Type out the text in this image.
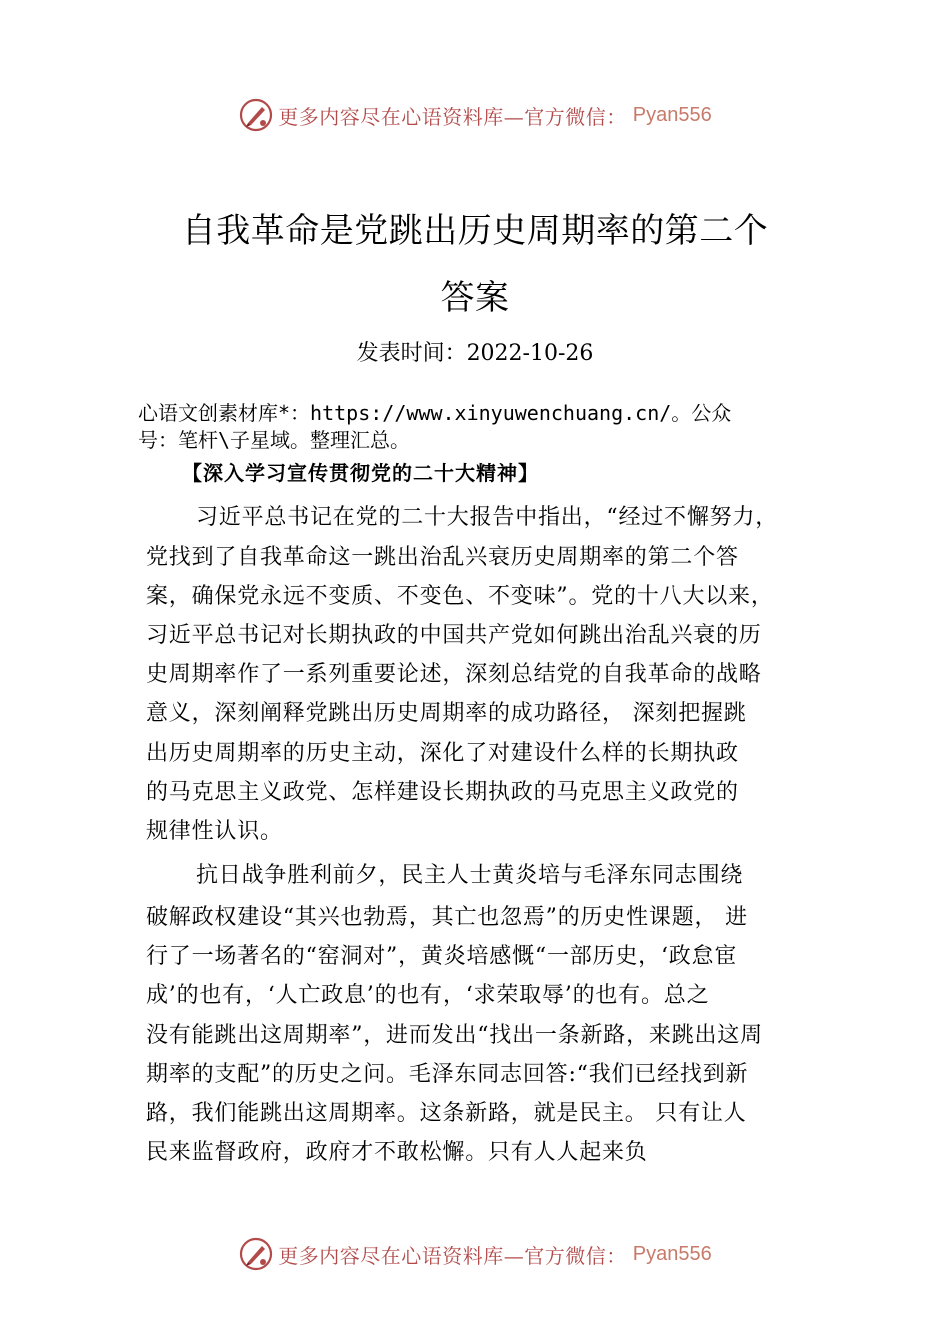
更多内容尽在心语资料库—官方微信： Pyan556
自我革命是党跳出历史周期率的第二个
答案
发表时间：2022-10-26
心语文创素材库*：https://www.xinyuwenchuang.cn/。公众
号：笔杆\子星域。整理汇总。
【深入学习宣传贯彻党的二十大精神】
习近平总书记在党的二十大报告中指出，“经过不懈努力，
党找到了自我革命这一跳出治乱兴衰历史周期率的第二个答
案，确保党永远不变质、不变色、不变味”。党的十八大以来，
习近平总书记对长期执政的中国共产党如何跳出治乱兴衰的历
史周期率作了一系列重要论述，深刻总结党的自我革命的战略
意义，深刻阐释党跳出历史周期率的成功路径， 深刻把握跳
出历史周期率的历史主动，深化了对建设什么样的长期执政
的马克思主义政党、怎样建设长期执政的马克思主义政党的
规律性认识。
抗日战争胜利前夕，民主人士黄炎培与毛泽东同志围绕
破解政权建设“其兴也勃焉，其亡也忽焉”的历史性课题， 进
行了一场著名的“窑洞对”，黄炎培感慨“一部历史，‘政怠宦
成’的也有，‘人亡政息’的也有，‘求荣取辱’的也有。总之
没有能跳出这周期率”，进而发出“找出一条新路，来跳出这周
期率的支配”的历史之问。毛泽东同志回答:“我们已经找到新
路，我们能跳出这周期率。这条新路，就是民主。 只有让人
民来监督政府，政府才不敢松懈。只有人人起来负
更多内容尽在心语资料库—官方微信： Pyan556
